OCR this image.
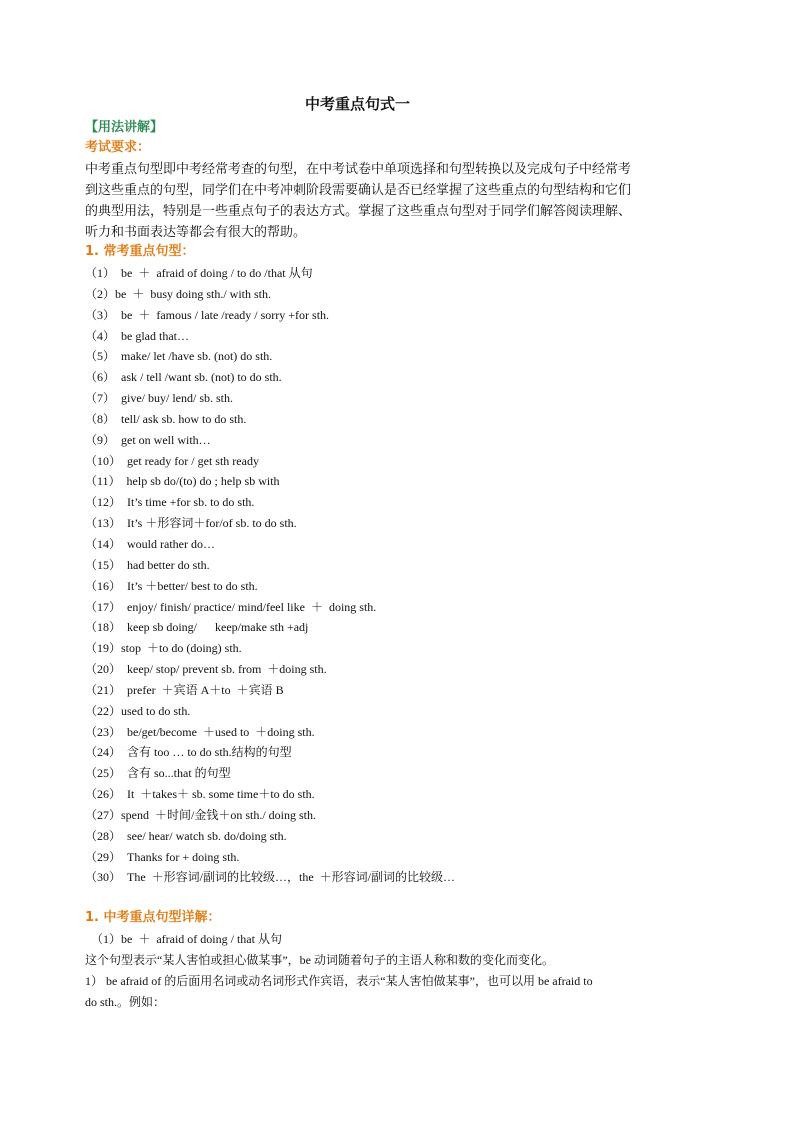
中考重点句式一
【用法讲解】
考试要求：
中考重点句型即中考经常考查的句型，在中考试卷中单项选择和句型转换以及完成句子中经常考
到这些重点的句型，同学们在中考冲刺阶段需要确认是否已经掌握了这些重点的句型结构和它们
的典型用法，特别是一些重点句子的表达方式。掌握了这些重点句型对于同学们解答阅读理解、
听力和书面表达等都会有很大的帮助。
1. 常考重点句型：
（1）  be  ＋  afraid of doing / to do /that 从句
（2）be  ＋  busy doing sth./ with sth.
（3）  be  ＋  famous / late /ready / sorry +for sth.
（4）  be glad that…
（5）  make/ let /have sb. (not) do sth.
（6）  ask / tell /want sb. (not) to do sth.
（7）  give/ buy/ lend/ sb. sth.
（8）  tell/ ask sb. how to do sth.
（9）  get on well with…
（10）  get ready for / get sth ready
（11）  help sb do/(to) do ; help sb with
（12）  It’s time +for sb. to do sth.
（13）  It’s ＋形容词＋for/of sb. to do sth.
（14）  would rather do…
（15）  had better do sth.
（16）  It’s ＋better/ best to do sth.
（17）  enjoy/ finish/ practice/ mind/feel like  ＋  doing sth.
（18）  keep sb doing/      keep/make sth +adj
（19）stop  ＋to do (doing) sth.
（20）  keep/ stop/ prevent sb. from  ＋doing sth.
（21）  prefer  ＋宾语 A＋to  ＋宾语 B
（22）used to do sth.
（23）  be/get/become  ＋used to  ＋doing sth.
（24）  含有 too … to do sth.结构的句型
（25）  含有 so...that 的句型
（26）  It  ＋takes＋ sb. some time＋to do sth.
（27）spend  ＋时间/金钱＋on sth./ doing sth.
（28）  see/ hear/ watch sb. do/doing sth.
（29）  Thanks for + doing sth.
（30）  The  ＋形容词/副词的比较级…，the  ＋形容词/副词的比较级…
1. 中考重点句型详解：
（1）be  ＋  afraid of doing / that 从句
这个句型表示“某人害怕或担心做某事”，be 动词随着句子的主语人称和数的变化而变化。
1） be afraid of 的后面用名词或动名词形式作宾语，表示“某人害怕做某事”，也可以用 be afraid to
do sth.。例如：
